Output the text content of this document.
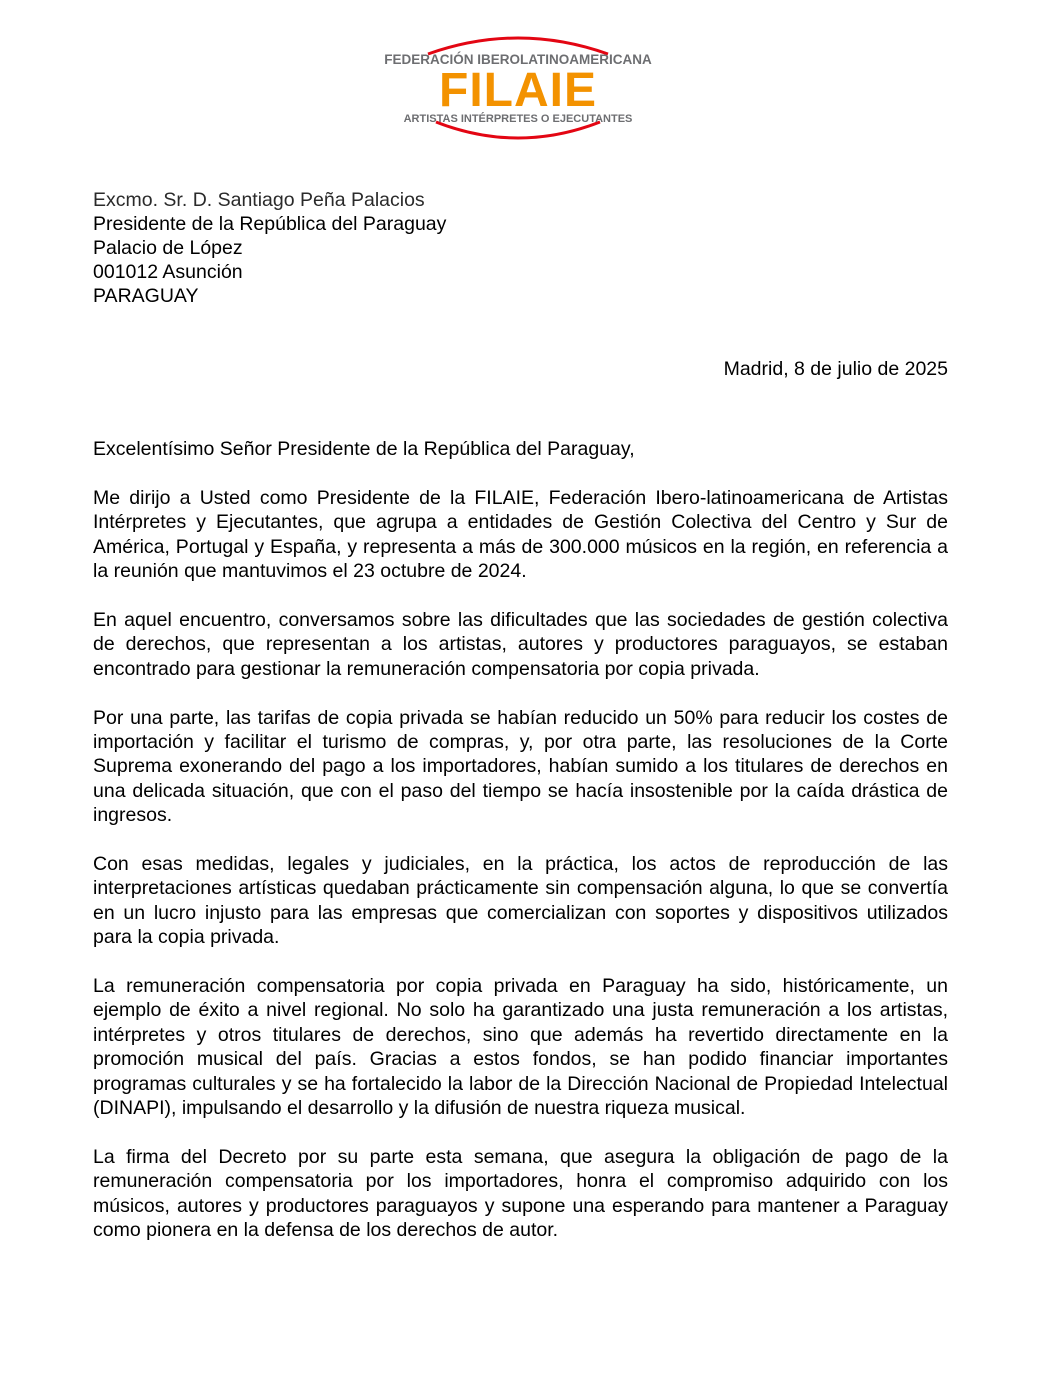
FEDERACIÓN IBEROLATINOAMERICANA
FILAIE
ARTISTAS INTÉRPRETES O EJECUTANTES
Excmo. Sr. D. Santiago Peña Palacios
Presidente de la República del Paraguay
Palacio de López
001012 Asunción
PARAGUAY
Madrid, 8 de julio de 2025
Excelentísimo Señor Presidente de la República del Paraguay,

Me dirijo a Usted como Presidente de la FILAIE, Federación Ibero-latinoamericana de Artistas Intérpretes y Ejecutantes, que agrupa a entidades de Gestión Colectiva del Centro y Sur de América, Portugal y España, y representa a más de 300.000 músicos en la región, en referencia a la reunión que mantuvimos el 23 octubre de 2024.

En aquel encuentro, conversamos sobre las dificultades que las sociedades de gestión colectiva de derechos, que representan a los artistas, autores y productores paraguayos, se estaban encontrado para gestionar la remuneración compensatoria por copia privada.

Por una parte, las tarifas de copia privada se habían reducido un 50% para reducir los costes de importación y facilitar el turismo de compras, y, por otra parte, las resoluciones de la Corte Suprema exonerando del pago a los importadores, habían sumido a los titulares de derechos en una delicada situación, que con el paso del tiempo se hacía insostenible por la caída drástica de ingresos.

Con esas medidas, legales y judiciales, en la práctica, los actos de reproducción de las interpretaciones artísticas quedaban prácticamente sin compensación alguna, lo que se convertía en un lucro injusto para las empresas que comercializan con soportes y dispositivos utilizados para la copia privada.

La remuneración compensatoria por copia privada en Paraguay ha sido, históricamente, un ejemplo de éxito a nivel regional. No solo ha garantizado una justa remuneración a los artistas, intérpretes y otros titulares de derechos, sino que además ha revertido directamente en la promoción musical del país. Gracias a estos fondos, se han podido financiar importantes programas culturales y se ha fortalecido la labor de la Dirección Nacional de Propiedad Intelectual (DINAPI), impulsando el desarrollo y la difusión de nuestra riqueza musical.

La firma del Decreto por su parte esta semana, que asegura la obligación de pago de la remuneración compensatoria por los importadores, honra el compromiso adquirido con los músicos, autores y productores paraguayos y supone una esperando para mantener a Paraguay como pionera en la defensa de los derechos de autor.
